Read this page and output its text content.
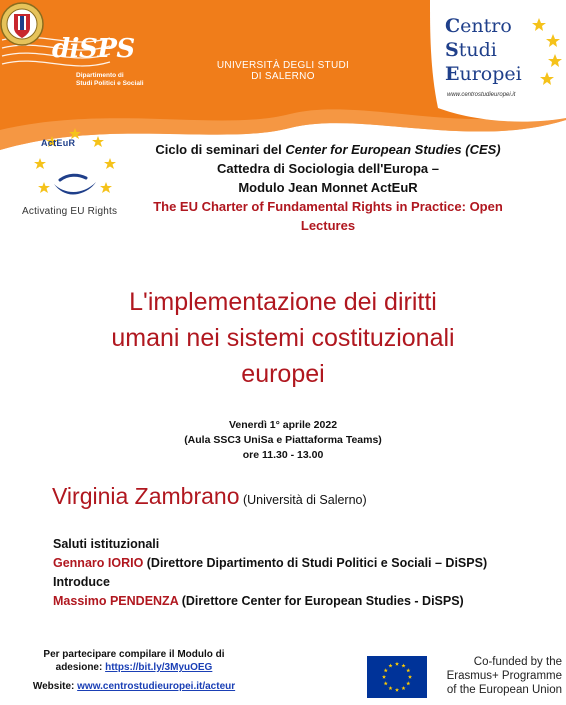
diSPS
Dipartimento di
Studi Politici e Sociali
UNIVERSITÀ DEGLI STUDI
DI SALERNO
Centro
Studi
Europei
www.centrostudieuropei.it
ActEuR
Activating EU Rights
Ciclo di seminari del Center for European Studies (CES)
Cattedra di Sociologia dell'Europa –
Modulo Jean Monnet ActEuR
The EU Charter of Fundamental Rights in Practice: Open
Lectures
L'implementazione dei diritti
umani nei sistemi costituzionali
europei
Venerdì 1° aprile 2022
(Aula SSC3 UniSa e Piattaforma Teams)
ore 11.30 - 13.00
Virginia Zambrano (Università di Salerno)
Saluti istituzionali
Gennaro IORIO (Direttore Dipartimento di Studi Politici e Sociali – DiSPS)
Introduce
Massimo PENDENZA (Direttore Center for European Studies - DiSPS)
Per partecipare compilare il Modulo di
adesione: https://bit.ly/3MyuOEG
Website: www.centrostudieuropei.it/acteur
Co-funded by the
Erasmus+ Programme
of the European Union
